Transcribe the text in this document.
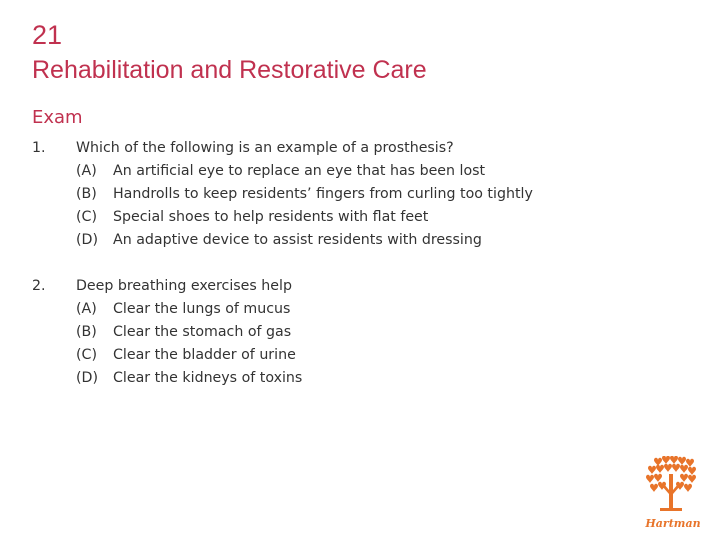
21
Rehabilitation and Restorative Care
Exam
1.	Which of the following is an example of a prosthesis?
(A)	An artificial eye to replace an eye that has been lost
(B)	Handrolls to keep residents’ fingers from curling too tightly
(C)	Special shoes to help residents with flat feet
(D)	An adaptive device to assist residents with dressing
2.	Deep breathing exercises help
(A)	Clear the lungs of mucus
(B)	Clear the stomach of gas
(C)	Clear the bladder of urine
(D)	Clear the kidneys of toxins
Hartman
